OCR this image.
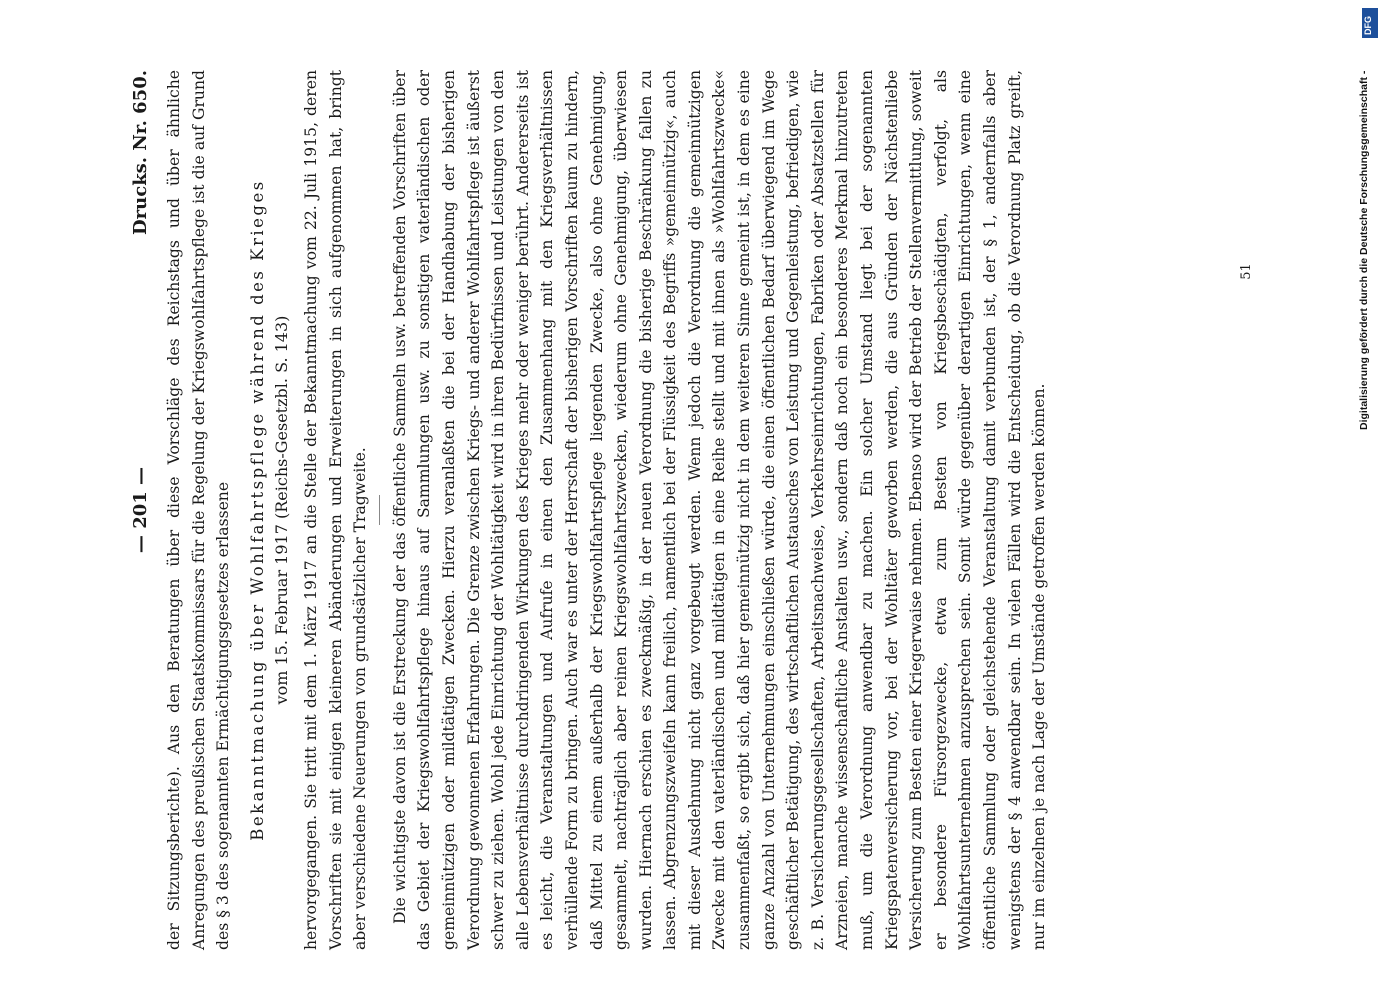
— 201 —
Drucks. Nr. 650. der Sitzungsberichte). Aus den Beratungen über diese Vorschläge des Reichstags und über ähnliche Anregungen des preußischen Staatskommissars für die Regelung der Kriegswohlfahrtspflege ist die auf Grund des § 3 des sogenannten Ermächtigungsgesetzes erlassene Bekanntmachung über Wohlfahrtspflege während des Krieges vom 15. Februar 1917 (Reichs-Gesetzbl. S. 143) hervorgegangen. Sie tritt mit dem 1. März 1917 an die Stelle der Bekanntmachung vom 22. Juli 1915, deren Vorschriften sie mit einigen kleineren Abänderungen und Erweiterungen in sich aufgenommen hat, bringt aber verschiedene Neuerungen von grundsätzlicher Tragweite. Die wichtigste davon ist die Erstreckung der das öffentliche Sammeln usw. betreffenden Vorschriften über das Gebiet der Kriegswohlfahrtspflege hinaus auf Sammlungen usw. zu sonstigen vaterländischen oder gemeinnützigen oder mildtätigen Zwecken. Hierzu veranlaßten die bei der Handhabung der bisherigen Verordnung gewonnenen Erfahrungen. Die Grenze zwischen Kriegs- und anderer Wohlfahrtspflege ist äußerst schwer zu ziehen. Wohl jede Einrichtung der Wohltätigkeit wird in ihren Bedürfnissen und Leistungen von den alle Lebensverhältnisse durchdringenden Wirkungen des Krieges mehr oder weniger berührt. Andererseits ist es leicht, die Veranstaltungen und Aufrufe in einen den Zusammenhang mit den Kriegsverhältnissen verhüllende Form zu bringen. Auch war es unter der Herrschaft der bisherigen Vorschriften kaum zu hindern, daß Mittel zu einem außerhalb der Kriegswohlfahrtspflege liegenden Zwecke, also ohne Genehmigung, gesammelt, nachträglich aber reinen Kriegswohlfahrtszwecken, wiederum ohne Genehmigung, überwiesen wurden. Hiernach erschien es zweckmäßig, in der neuen Verordnung die bisherige Beschränkung fallen zu lassen. Abgrenzungszweifeln kann freilich, namentlich bei der Flüssigkeit des Begriffs »gemeinnützig«, auch mit dieser Ausdehnung nicht ganz vorgebeugt werden. Wenn jedoch die Verordnung die gemeinnützigen Zwecke mit den vaterländischen und mildtätigen in eine Reihe stellt und mit ihnen als »Wohlfahrtszwecke« zusammenfaßt, so ergibt sich, daß hier gemeinnützig nicht in dem weiteren Sinne gemeint ist, in dem es eine ganze Anzahl von Unternehmungen einschließen würde, die einen öffentlichen Bedarf überwiegend im Wege geschäftlicher Betätigung, des wirtschaftlichen Austausches von Leistung und Gegenleistung, befriedigen, wie z. B. Versicherungsgesellschaften, Arbeitsnachweise, Verkehrseinrichtungen, Fabriken oder Absatzstellen für Arzneien, manche wissenschaftliche Anstalten usw., sondern daß noch ein besonderes Merkmal hinzutreten muß, um die Verordnung anwendbar zu machen. Ein solcher Umstand liegt bei der sogenannten Kriegspatenversicherung vor, bei der Wohltäter geworben werden, die aus Gründen der Nächstenliebe Versicherung zum Besten einer Kriegerwaise nehmen. Ebenso wird der Betrieb der Stellenvermittlung, soweit er besondere Fürsorgezwecke, etwa zum Besten von Kriegsbeschädigten, verfolgt, als Wohlfahrtsunternehmen anzusprechen sein. Somit würde gegenüber derartigen Einrichtungen, wenn eine öffentliche Sammlung oder gleichstehende Veranstaltung damit verbunden ist, der § 1, andernfalls aber wenigstens der § 4 anwendbar sein. In vielen Fällen wird die Entscheidung, ob die Verordnung Platz greift, nur im einzelnen je nach Lage der Umstände getroffen werden können.

51
DFG
Digitalisierung gefördert durch die Deutsche Forschungsgemeinschaft -
